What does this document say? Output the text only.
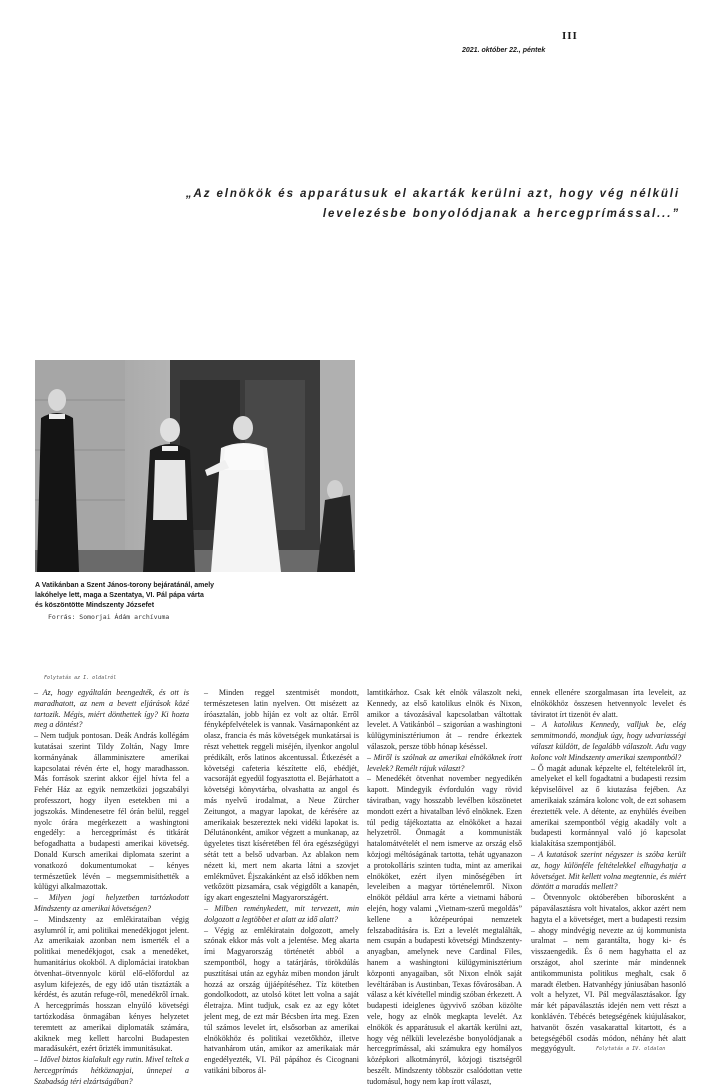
III
2021. október 22., péntek
„Az elnökök és apparátusuk el akarták kerülni azt, hogy vég nélküli
levelezésbe bonyolódjanak a hercegprímással...”
A Vatikánban a Szent János-torony bejáratánál, amely
lakóhelye lett, maga a Szentatya, VI. Pál pápa várta
és köszöntötte Mindszenty Józsefet
Forrás: Somorjai Ádám archívuma
Folytatás az I. oldalról

– Az, hogy egyáltalán beengedték, és ott is maradhatott, az nem a bevett eljárások közé tartozik. Mégis, miért dönthettek így? Ki hozta meg a döntést?

– Nem tudjuk pontosan. Deák András kollégám kutatásai szerint Tildy Zoltán, Nagy Imre kormányának államminisztere amerikai kapcsolatai révén érte el, hogy maradhasson. Más források szerint akkor éjjel hívta fel a Fehér Ház az egyik nemzetközi jogszabályi professzort, hogy ilyen esetekben mi a jogszokás. Mindenesetre fél órán belül, reggel nyolc órára megérkezett a washingtoni engedély: a hercegprímást és titkárát befogadhatta a budapesti amerikai követség. Donald Kursch amerikai diplomata szerint a vonatkozó dokumentumokat – kényes természetűek lévén – megsemmisíthették a külügyi alkalmazottak.

– Milyen jogi helyzetben tartózkodott Mindszenty az amerikai követségen?

– Mindszenty az emlékirataiban végig asylumról ír, ami politikai menedékjogot jelent. Az amerikaiak azonban nem ismerték el a politikai menedékjogot, csak a menedéket, humanitárius okokból. A diplomáciai iratokban ötvenhat–ötvennyolc körül elő-előfordul az asylum kifejezés, de egy idő után tisztázták a kérdést, és azután refuge-ről, menedékről írnak. A hercegprímás hosszan elnyúló követségi tartózkodása önmagában kényes helyzetet teremtett az amerikai diplomaták számára, akiknek meg kellett harcolni Budapesten maradásukért, ezért őrizték immunitásukat.

– Idővel biztos kialakult egy rutin. Mivel teltek a hercegprímás hétköznapjai, ünnepei a Szabadság téri elzártságában?

– Minden reggel szentmisét mondott, természetesen latin nyelven. Ott misézett az íróasztalán, jobb híján ez volt az oltár. Erről fényképfelvételek is vannak. Vasárnaponként az olasz, francia és más követségek munkatársai is részt vehettek reggeli miséjén, ilyenkor angolul prédikált, erős latinos akcentussal. Étkezését a követségi cafeteria készítette elő, ebédjét, vacsoráját egyedül fogyasztotta el. Bejárhatott a követségi könyvtárba, olvashatta az angol és más nyelvű irodalmat, a Neue Zürcher Zeitungot, a magyar lapokat, de kérésére az amerikaiak beszereztek neki vidéki lapokat is. Délutánonként, amikor végzett a munkanap, az ügyeletes tiszt kíséretében fél óra egészségügyi sétát tett a belső udvarban. Az ablakon nem nézett ki, mert nem akarta látni a szovjet emlékművet. Éjszakánként az első időkben nem vetkőzött pizsamára, csak végigdőlt a kanapén, így akart engesztelni Magyarországért.

– Milben reménykedett, mit tervezett, min dolgozott a legtöbbet et alatt az idő alatt?

– Végig az emlékiratain dolgozott, amely szónak ekkor más volt a jelentése. Meg akarta írni Magyarország történetét abból a szempontból, hogy a tatárjárás, törökdúlás pusztításai után az egyház miben mondon járult hozzá az ország újjáépítéséhez. Tíz kötetben gondolkodott, az utolsó kötet lett volna a saját életrajza. Mint tudjuk, csak ez az egy kötet jelent meg, de ezt már Bécsben írta meg. Ezen túl számos levelet írt, elsősorban az amerikai elnökökhöz és politikai vezetőkhöz, illetve hatvanhárom után, amikor az amerikaiak már engedélyezték, VI. Pál pápához és Cicognani vatikáni bíboros ál-

lamtitkárhoz. Csak két elnök válaszolt neki, Kennedy, az első katolikus elnök és Nixon, amikor a távozásával kapcsolatban váltottak levelet. A Vatikánból – szigorúan a washingtoni külügyminisztériumon át – rendre érkeztek válaszok, persze több hónap késéssel.

– Miről is szólnak az amerikai elnököknek írott levelek? Remélt rájuk választ?

– Menedékét ötvenhat november negyedikén kapott. Mindegyik évfordulón vagy rövid táviratban, vagy hosszabb levélben köszönetet mondott ezért a hivatalban lévő elnöknek. Ezen túl pedig tájékoztatta az elnököket a hazai helyzetről. Önmagát a kommunisták hatalomátvételét el nem ismerve az ország első közjogi méltóságának tartotta, tehát ugyanazon a protokolláris szinten tudta, mint az amerikai elnököket, ezért ilyen minőségében írt leveleiben a magyar történelemről. Nixon elnököt például arra kérte a vietnami háború elején, hogy valami „Vietnam-szerű megoldás” kellene a középeurópai nemzetek felszabadítására is. Ezt a levelét megtalálták, nem csupán a budapesti követségi Mindszenty-anyagban, amelynek neve Cardinal Files, hanem a washingtoni külügyminisztérium központi anyagaiban, sőt Nixon elnök saját levéltárában is Austinban, Texas fővárosában. A válasz a két kívétellel mindig szóban érkezett. A budapesti ideiglenes ügyvivő szóban közölte vele, hogy az elnök megkapta levelét. Az elnökök és apparátusuk el akarták kerülni azt, hogy vég nélküli levelezésbe bonyolódjanak a hercegprímással, aki számukra egy homályos középkori alkotmányról, közjogi tisztségről beszélt. Mindszenty többször csalódottan vette tudomásul, hogy nem kap írott választ,

ennek ellenére szorgalmasan írta leveleit, az elnökökhöz összesen hetvennyolc levelet és táviratot írt tizenöt év alatt.

– A katolikus Kennedy, valljuk be, elég semmitmondó, mondjuk úgy, hogy udvariasségi választ küldött, de legalább válaszolt. Adu vagy kolonc volt Mindszenty amerikai szempontból?

– Ő magát adunak képzelte el, feltételekről írt, amelyeket el kell fogadtatni a budapesti rezsim képviselőivel az ő kiutazása fejében. Az amerikaiak számára kolonc volt, de ezt sohasem éreztették vele. A détente, az enyhülés éveiben amerikai szempontból végig akadály volt a budapesti kormánnyal való jó kapcsolat kialakítása szempontjából.

– A kutatások szerint négyszer is szóba került az, hogy különféle feltételekkel elhagyhatja a követséget. Mit kellett volna megtennie, és miért döntött a maradás mellett?

– Ötvennyolc októberében bíborosként a pápaválasztásra volt hivatalos, akkor azért nem hagyta el a követséget, mert a budapesti rezsim – ahogy mindvégig nevezte az új kommunista uralmat – nem garantálta, hogy ki- és visszaengedik. És ő nem hagyhatta el az országot, ahol szerinte már mindennek antikommunista politikus meghalt, csak ő maradt életben. Hatvanhégy júniusában hasonló volt a helyzet, VI. Pál megválasztásakor. Így már két pápaválasztás idején nem vett részt a konklávén. Tébécés betegségének kiújulásakor, hatvanöt őszén vasakarattal kitartott, és a betegségéből csodás módon, néhány hét alatt meggyógyult.	Folytatás a IV. oldalon
